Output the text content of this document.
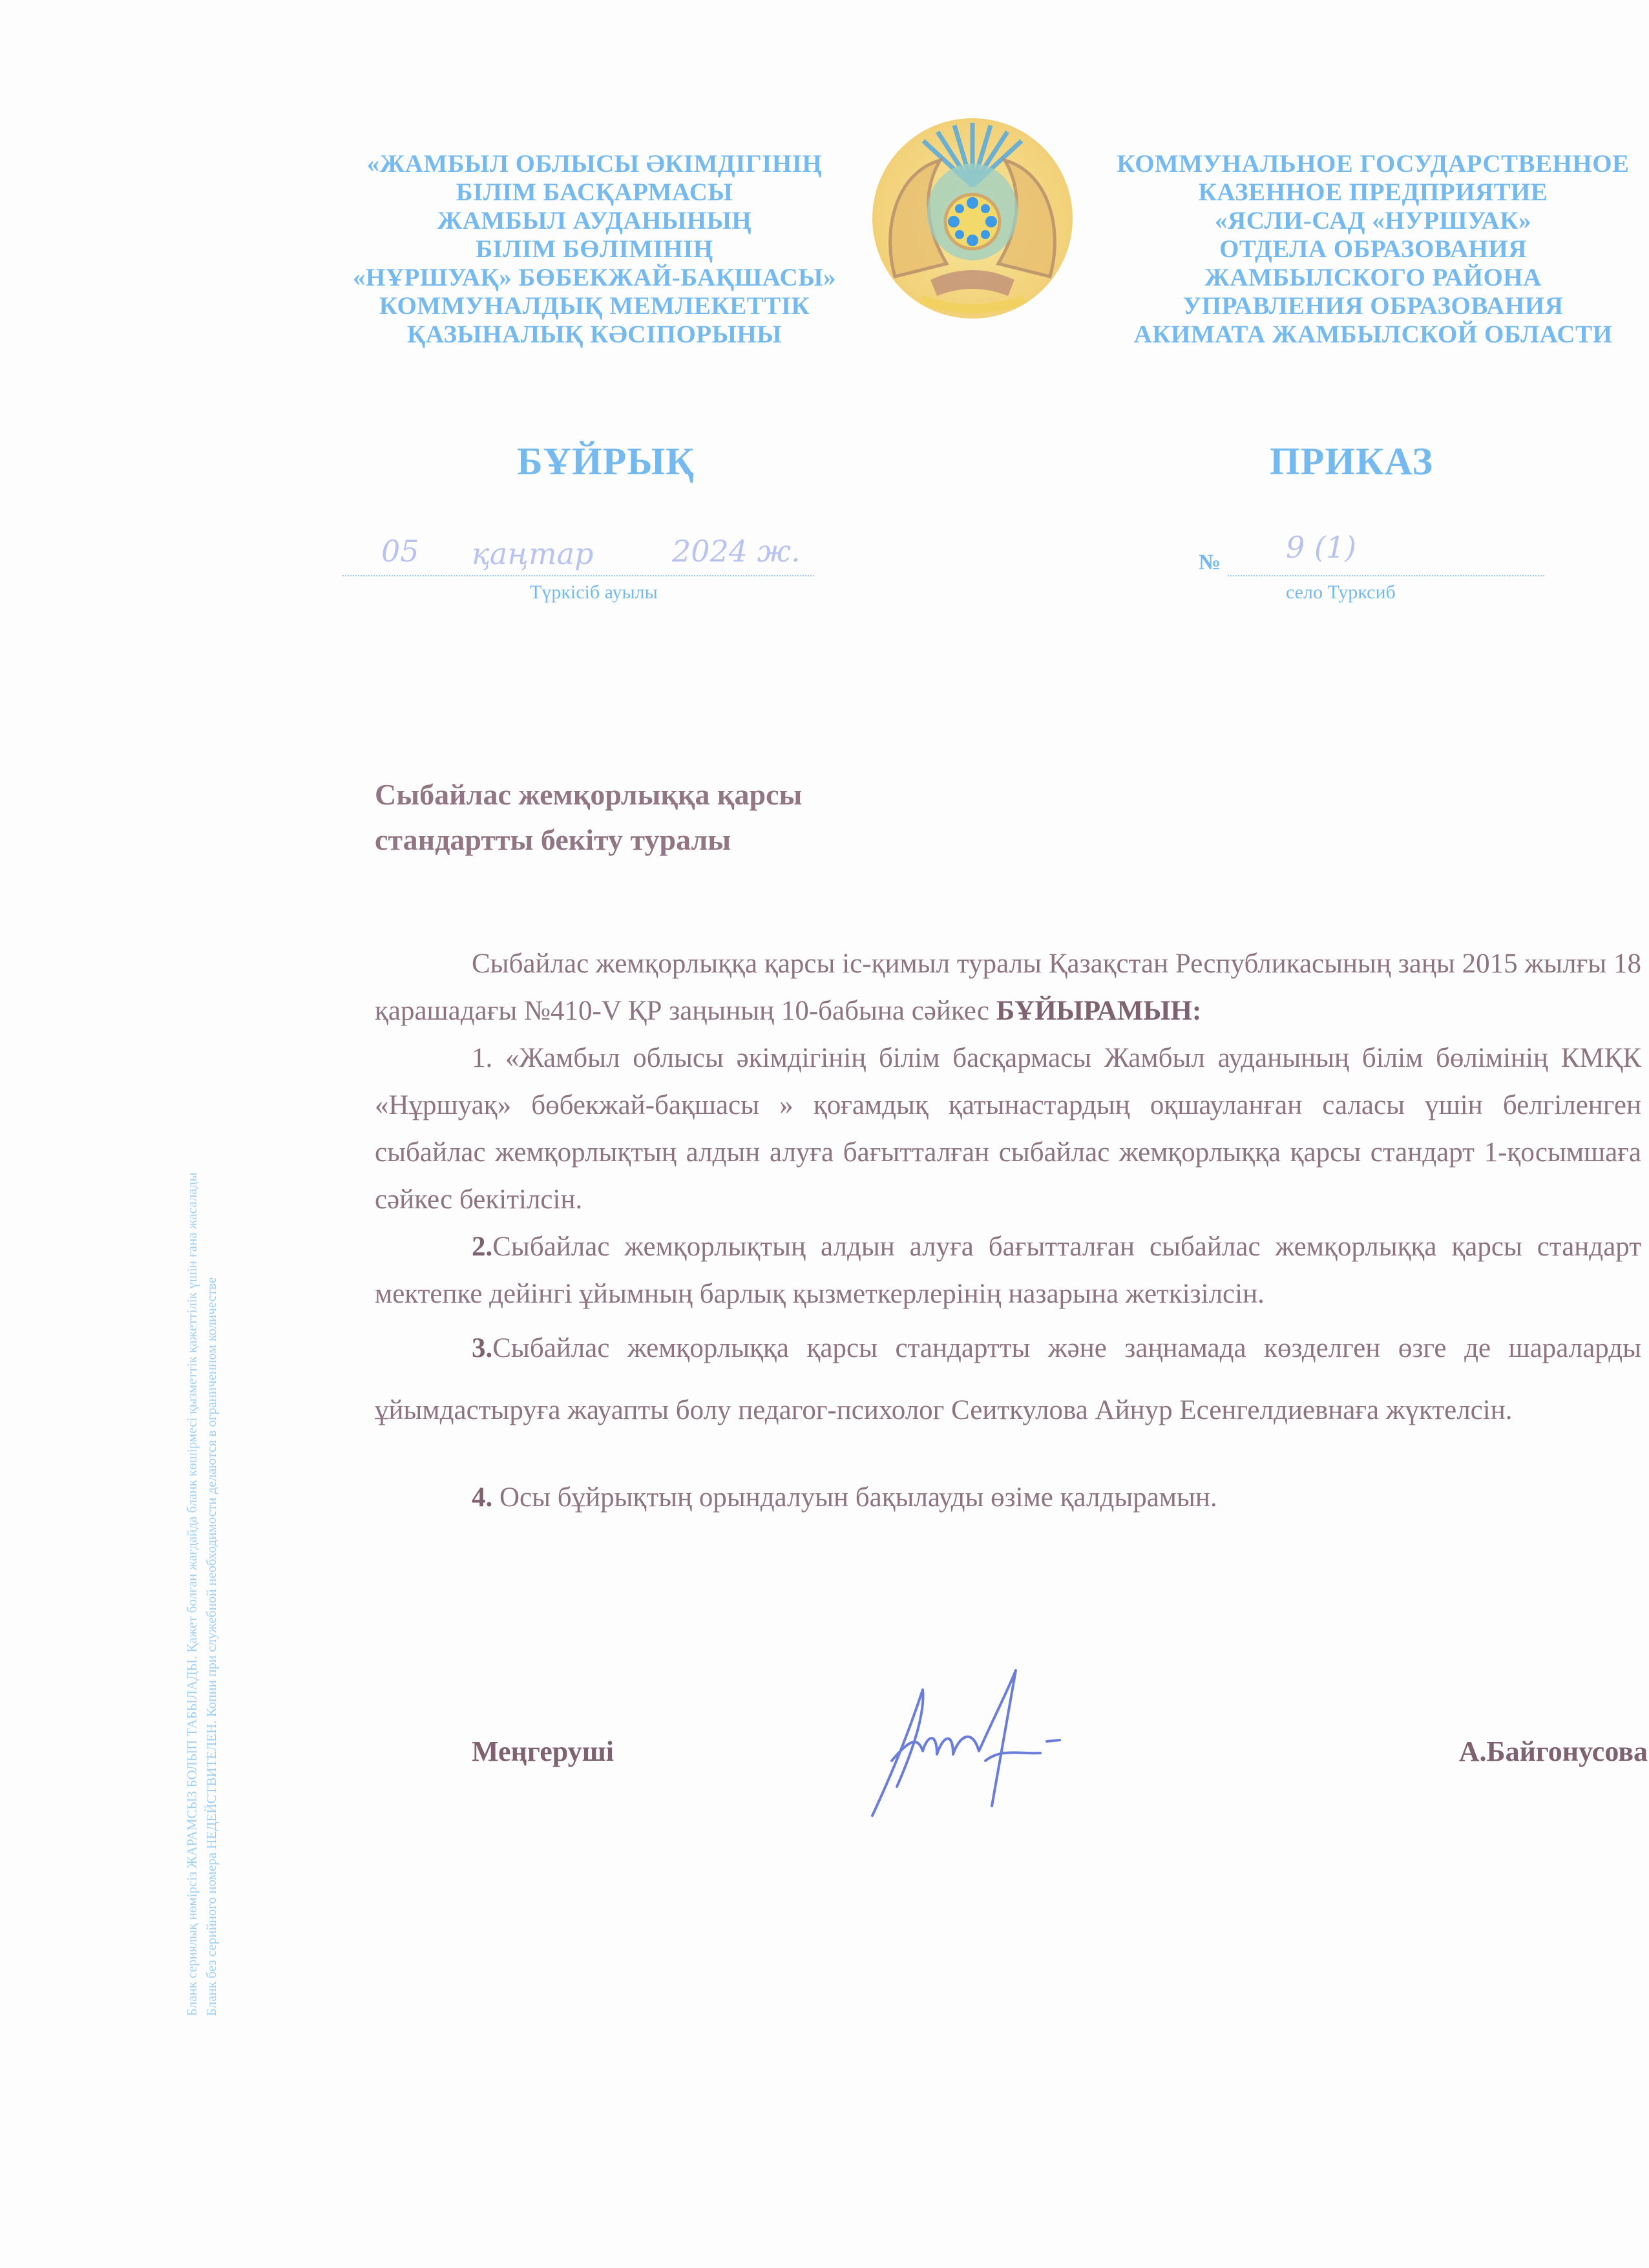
«ЖАМБЫЛ ОБЛЫСЫ ӘКІМДІГІНІҢ
БІЛІМ БАСҚАРМАСЫ
ЖАМБЫЛ АУДАНЫНЫҢ
БІЛІМ БӨЛІМІНІҢ
«НҰРШУАҚ» БӨБЕКЖАЙ-БАҚШАСЫ»
КОММУНАЛДЫҚ МЕМЛЕКЕТТІК
ҚАЗЫНАЛЫҚ КӘСІПОРЫНЫ
КОММУНАЛЬНОЕ ГОСУДАРСТВЕННОЕ
КАЗЕННОЕ ПРЕДПРИЯТИЕ
«ЯСЛИ-САД «НУРШУАК»
ОТДЕЛА ОБРАЗОВАНИЯ
ЖАМБЫЛСКОГО РАЙОНА
УПРАВЛЕНИЯ ОБРАЗОВАНИЯ
АКИМАТА ЖАМБЫЛСКОЙ ОБЛАСТИ
БҰЙРЫҚ	ПРИКАЗ
05 қаңтар	2024 ж.
Түркісіб ауылы
№ 9 (1)
село Турксиб
Бланк сериялық нөмірсіз ЖАРАМСЫЗ БОЛЫП ТАБЫЛАДЫ. Қажет болған жағдайда бланк көшірмесі қызметтік қажеттілік үшін ғана жасалады Бланк без серийного номера НЕДЕЙСТВИТЕЛЕН. Копии при служебной необходимости делаются в ограниченном количестве
Сыбайлас жемқорлыққа қарсы
стандартты бекіту туралы

Сыбайлас жемқорлыққа қарсы іс-қимыл туралы Қазақстан Республикасының заңы 2015 жылғы 18 қарашадағы №410-V ҚР заңының 10-бабына сәйкес БҰЙЫРАМЫН:

1. «Жамбыл облысы әкімдігінің білім басқармасы Жамбыл ауданының білім бөлімінің КМҚК «Нұршуақ» бөбекжай-бақшасы » қоғамдық қатынастардың оқшауланған саласы үшін белгіленген сыбайлас жемқорлықтың алдын алуға бағытталған сыбайлас жемқорлыққа қарсы стандарт 1-қосымшаға сәйкес бекітілсін.

2.Сыбайлас жемқорлықтың алдын алуға бағытталған сыбайлас жемқорлыққа қарсы стандарт мектепке дейінгі ұйымның барлық қызметкерлерінің назарына жеткізілсін.

3.Сыбайлас жемқорлыққа қарсы стандартты және заңнамада көзделген өзге де шараларды ұйымдастыруға жауапты болу педагог-психолог Сеиткулова Айнур Есенгелдиевнаға жүктелсін.

4. Осы бұйрықтың орындалуын бақылауды өзіме қалдырамын.

Меңгеруші	А.Байгонусова
